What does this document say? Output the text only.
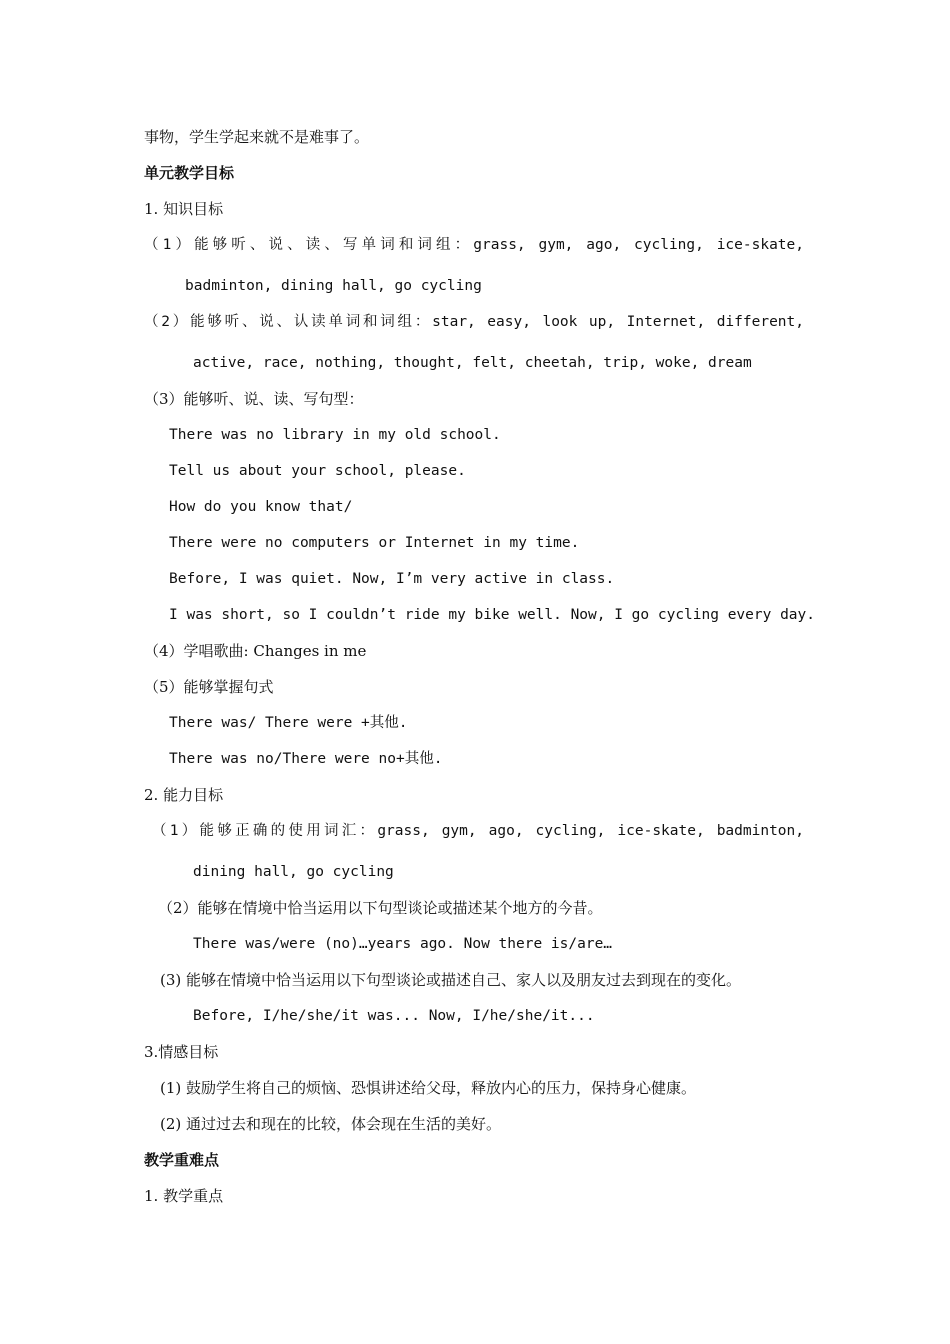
事物，学生学起来就不是难事了。
单元教学目标
1. 知识目标
（1）能够听、说、读、写单词和词组：grass, gym, ago, cycling, ice-skate,
badminton, dining hall, go cycling
（2）能够听、说、认读单词和词组：star, easy, look up, Internet, different,
active, race, nothing, thought, felt, cheetah, trip, woke, dream
（3）能够听、说、读、写句型：
There was no library in my old school.
Tell us about your school, please.
How do you know that/
There were no computers or Internet in my time.
Before, I was quiet. Now, I’m very active in class.
I was short, so I couldn’t ride my bike well. Now, I go cycling every day.
（4）学唱歌曲: Changes in me
（5）能够掌握句式
There was/ There were +其他.
There was no/There were no+其他.
2. 能力目标
（1）能够正确的使用词汇：grass, gym, ago, cycling, ice-skate, badminton,
dining hall, go cycling
（2）能够在情境中恰当运用以下句型谈论或描述某个地方的今昔。
There was/were (no)…years ago. Now there is/are…
(3) 能够在情境中恰当运用以下句型谈论或描述自己、家人以及朋友过去到现在的变化。
Before, I/he/she/it was... Now, I/he/she/it...
3.情感目标
(1) 鼓励学生将自己的烦恼、恐惧讲述给父母，释放内心的压力，保持身心健康。
(2) 通过过去和现在的比较，体会现在生活的美好。
教学重难点
1. 教学重点
